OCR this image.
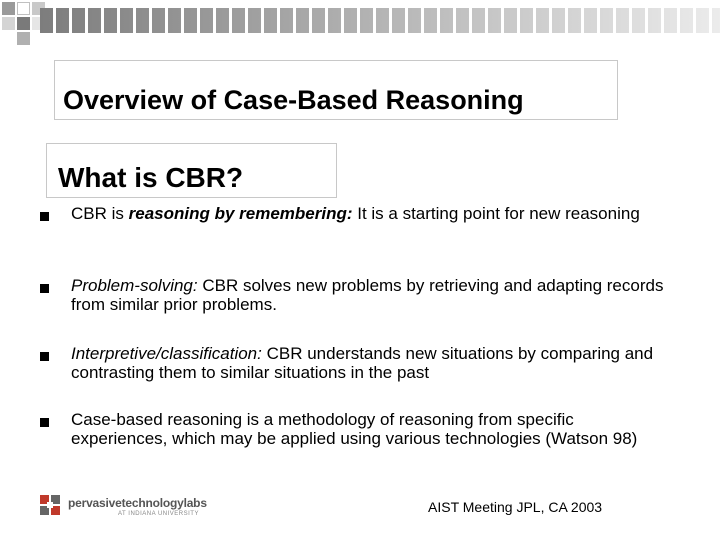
Overview of Case-Based Reasoning
What is CBR?
CBR is reasoning by remembering: It is a starting point for new reasoning
Problem-solving: CBR solves new problems by retrieving and adapting records from similar prior problems.
Interpretive/classification: CBR understands new situations by comparing and contrasting them to similar situations in the past
Case-based reasoning is a methodology of reasoning from specific experiences, which may be applied using various technologies (Watson 98)
pervasivetechnologylabs
AT INDIANA UNIVERSITY	AIST Meeting JPL, CA 2003
